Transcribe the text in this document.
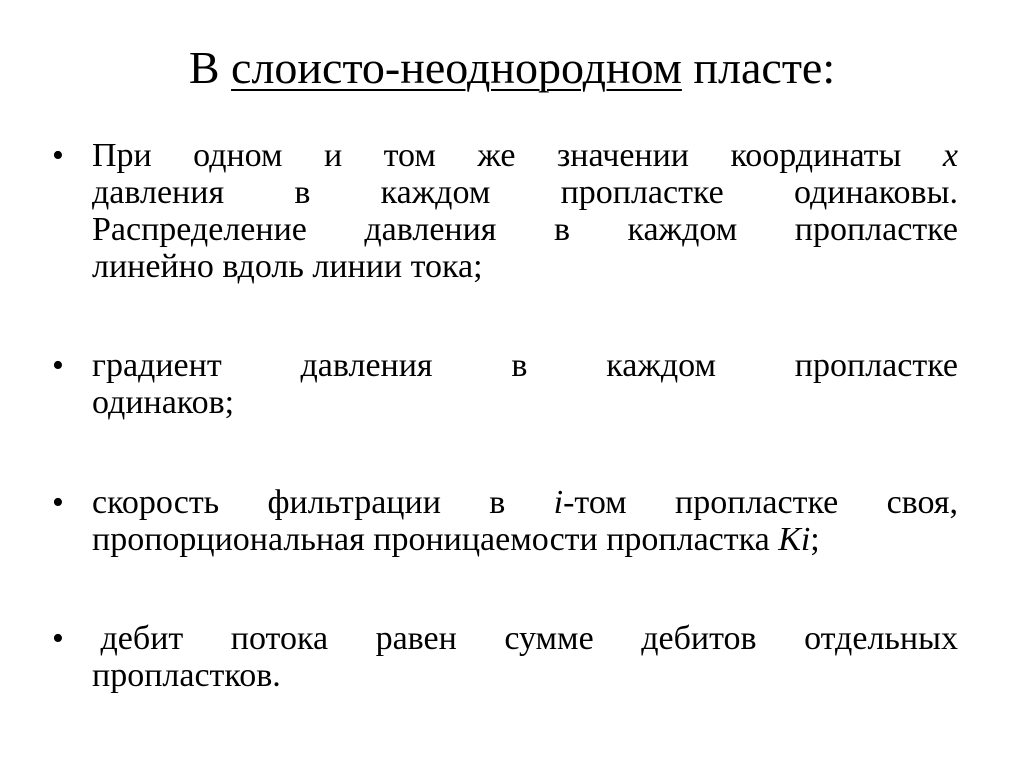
В слоисто-неоднородном пласте:
• При одном и том же значении координаты x
давления в каждом пропластке одинаковы.
Распределение давления в каждом пропластке
линейно вдоль линии тока;
• градиент давления в каждом пропластке
одинаков;
• скорость фильтрации в i-том пропластке своя,
пропорциональная проницаемости пропластка Кi;
• дебит потока равен сумме дебитов отдельных
пропластков.
